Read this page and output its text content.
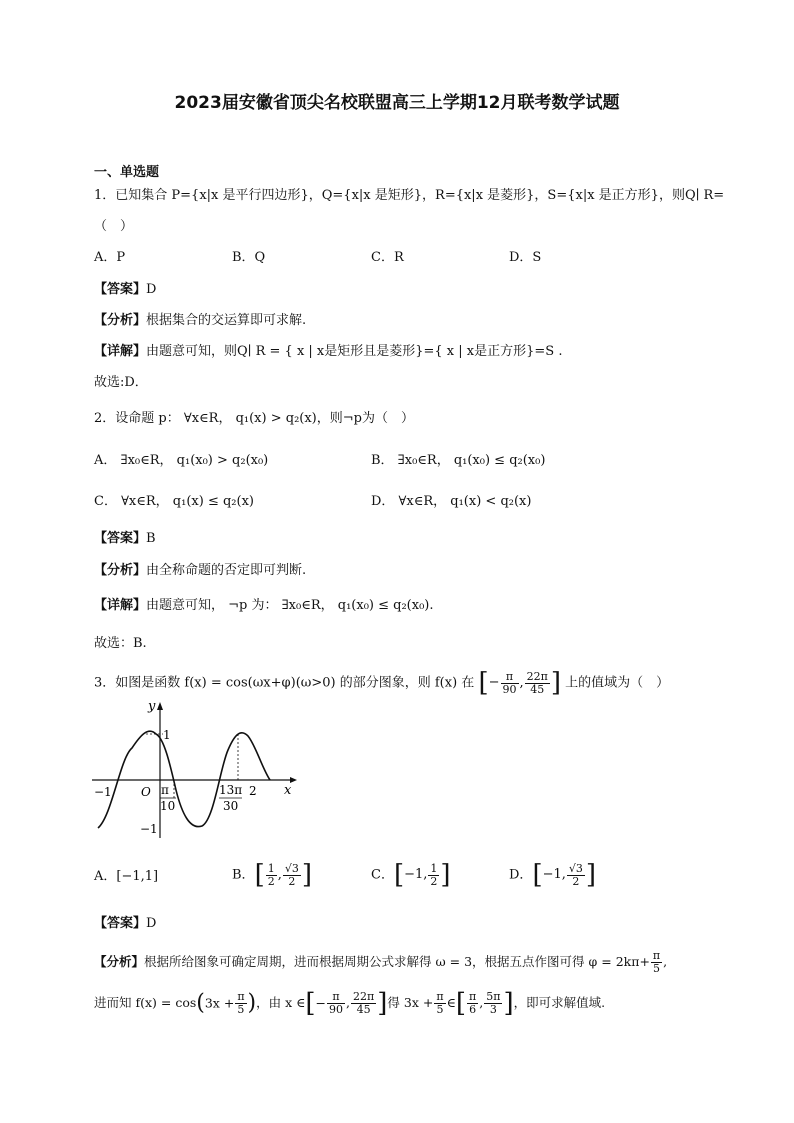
2023届安徽省顶尖名校联盟高三上学期12月联考数学试题
一、单选题
1．已知集合 P={x|x 是平行四边形}，Q={x|x 是矩形}，R={x|x 是菱形}，S={x|x 是正方形}，则Q∣ R=
（　）
A．P	B．Q	C．R	D．S
【答案】D
【分析】根据集合的交运算即可求解.
【详解】由题意可知，则Q∣ R = { x | x是矩形且是菱形}={ x | x是正方形}=S .
故选:D．
2．设命题 p： ∀x∈R， q₁(x) > q₂(x)，则¬p为（　）
A． ∃x₀∈R， q₁(x₀) > q₂(x₀)	B． ∃x₀∈R， q₁(x₀) ≤ q₂(x₀)
C． ∀x∈R， q₁(x) ≤ q₂(x)	D． ∀x∈R， q₁(x) < q₂(x)
【答案】B
【分析】由全称命题的否定即可判断.
【详解】由题意可知， ¬p 为： ∃x₀∈R， q₁(x₀) ≤ q₂(x₀).
故选：B.
3．如图是函数 f(x) = cos(ωx+φ)(ω>0) 的部分图象，则 f(x) 在 [− $\frac{\pi}{90}$ , $\frac{22\pi}{45}$ ] 上的值域为（　）
y
x
1
−1
−1 O π
10
13π
30
2
A．[−1,1]	B．[ $\frac{1}{2}$ , $\frac{√3}{2}$ ]	C．[−1, $\frac{1}{2}$ ]	D．[−1, $\frac{√3}{2}$ ]
【答案】D
【分析】根据所给图象可确定周期，进而根据周期公式求解得 ω = 3，根据五点作图可得 $\varphi = 2k\pi+ \frac{\pi}{5}$ ,
进而知 $f(x) = \cos(3x + \frac{\pi}{5}$ )，由 x ∈[− $\frac{\pi}{90}$ , $\frac{22\pi}{45}$ ]得 $3x + \frac{\pi}{5}$ ∈[ $\frac{\pi}{6}$ , $\frac{5\pi}{3}$ ]，即可求解值域.
